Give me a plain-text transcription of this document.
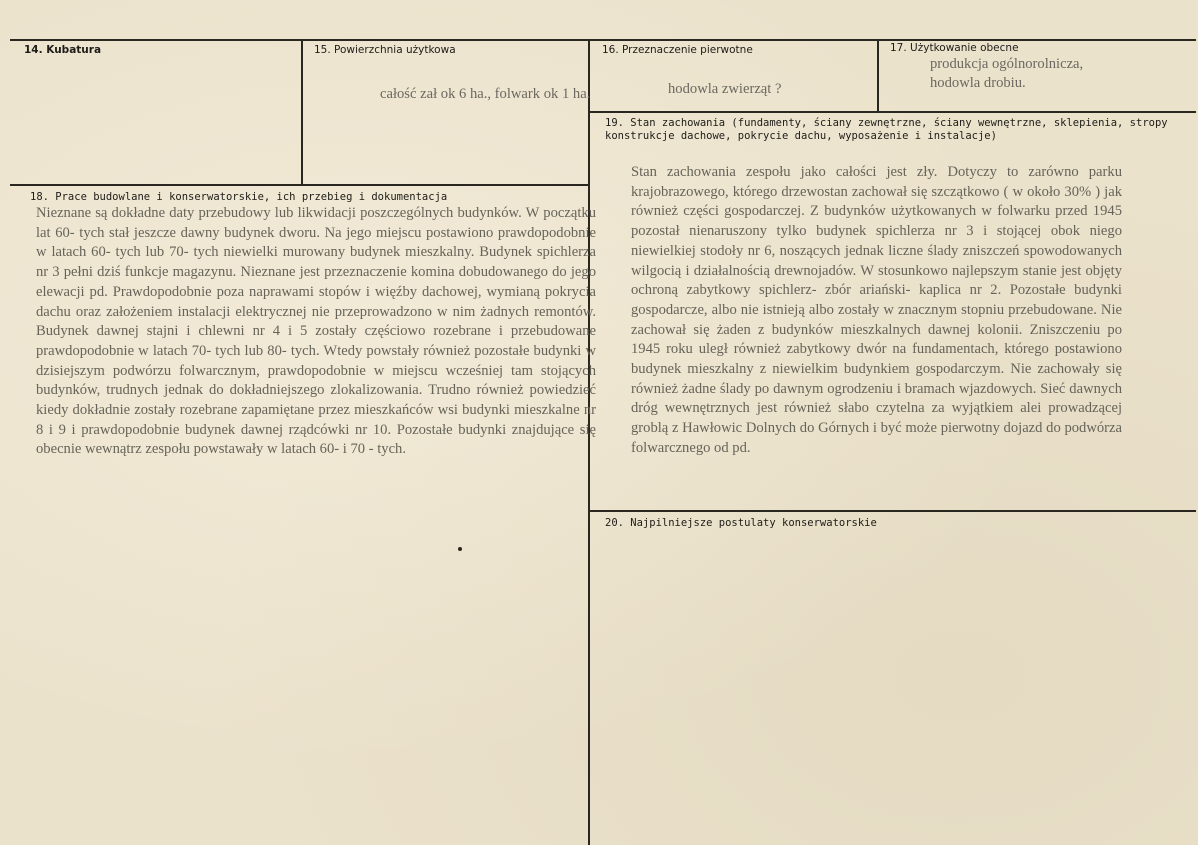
14. Kubatura	15. Powierzchnia użytkowa
całość zał ok 6 ha., folwark ok 1 ha.
16. Przeznaczenie pierwotne
hodowla zwierząt ?
17. Użytkowanie obecne
produkcja ogólnorolnicza,
hodowla drobiu.
18. Prace budowlane i konserwatorskie, ich przebieg i dokumentacja
Nieznane są dokładne daty przebudowy lub likwidacji poszczególnych budynków. W początku lat 60- tych stał jeszcze dawny budynek dworu. Na jego miejscu postawiono prawdopodobnie w latach 60- tych lub 70- tych niewielki murowany budynek mieszkalny. Budynek spichlerza nr 3 pełni dziś funkcje magazynu. Nieznane jest przeznaczenie komina dobudowanego do jego elewacji pd. Prawdopodobnie poza naprawami stopów i więźby dachowej, wymianą pokrycia dachu oraz założeniem instalacji elektrycznej nie przeprowadzono w nim żadnych remontów. Budynek dawnej stajni i chlewni nr 4 i 5 zostały częściowo rozebrane i przebudowane prawdopodobnie w latach 70- tych lub 80- tych. Wtedy powstały również pozostałe budynki w dzisiejszym podwórzu folwarcznym, prawdopodobnie w miejscu wcześniej tam stojących budynków, trudnych jednak do dokładniejszego zlokalizowania. Trudno również powiedzieć kiedy dokładnie zostały rozebrane zapamiętane przez mieszkańców wsi budynki mieszkalne nr 8 i 9 i prawdopodobnie budynek dawnej rządcówki nr 10. Pozostałe budynki znajdujące się obecnie wewnątrz zespołu powstawały w latach 60- i 70 - tych.
19. Stan zachowania (fundamenty, ściany zewnętrzne, ściany wewnętrzne, sklepienia, stropy
konstrukcje dachowe, pokrycie dachu, wyposażenie i instalacje)
Stan zachowania zespołu jako całości jest zły. Dotyczy to zarówno parku krajobrazowego, którego drzewostan zachował się szczątkowo ( w około 30% ) jak również części gospodarczej. Z budynków użytkowanych w folwarku przed 1945 pozostał nienaruszony tylko budynek spichlerza nr 3 i stojącej obok niego niewielkiej stodoły nr 6, noszących jednak liczne ślady zniszczeń spowodowanych wilgocią i działalnością drewnojadów. W stosunkowo najlepszym stanie jest objęty ochroną zabytkowy spichlerz- zbór ariański- kaplica nr 2. Pozostałe budynki gospodarcze, albo nie istnieją albo zostały w znacznym stopniu przebudowane. Nie zachował się żaden z budynków mieszkalnych dawnej kolonii. Zniszczeniu po 1945 roku uległ również zabytkowy dwór na fundamentach, którego postawiono budynek mieszkalny z niewielkim budynkiem gospodarczym. Nie zachowały się również żadne ślady po dawnym ogrodzeniu i bramach wjazdowych. Sieć dawnych dróg wewnętrznych jest również słabo czytelna za wyjątkiem alei prowadzącej groblą z Hawłowic Dolnych do Górnych i być może pierwotny dojazd do podwórza folwarcznego od pd.
20. Najpilniejsze postulaty konserwatorskie
